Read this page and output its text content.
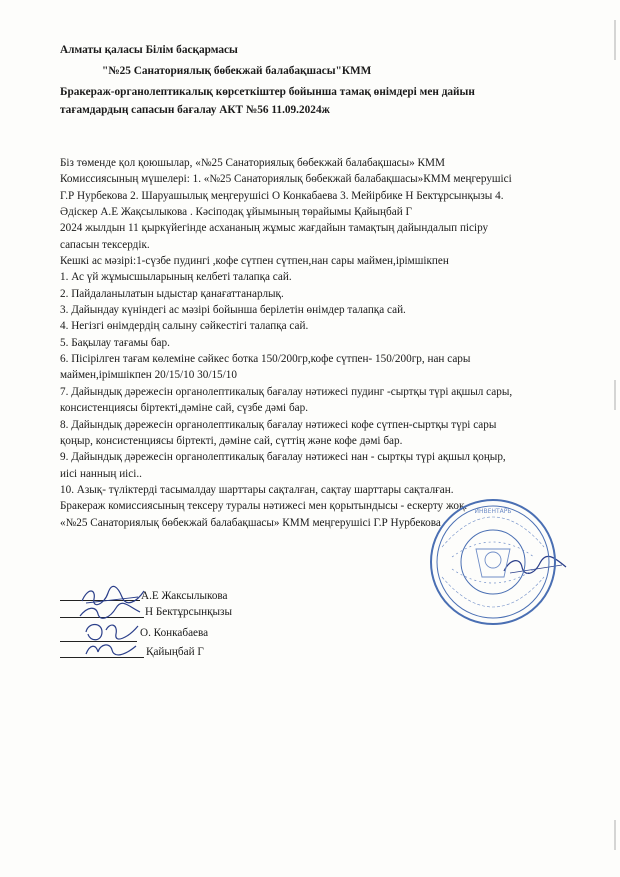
Алматы қаласы Білім басқармасы
"№25 Санаториялық бөбекжай балабақшасы"КММ
Бракераж-органолептикалық көрсеткіштер бойынша тамақ өнімдері мен дайын
тағамдардың сапасын бағалау АКТ №56 11.09.2024ж
Біз төменде қол қоюшылар, «№25 Санаториялық бөбекжай балабақшасы» КММ
Комиссиясының мүшелері: 1. «№25 Санаториялық бөбекжай балабақшасы»КММ меңгерушісі
Г.Р Нурбекова 2. Шаруашылық меңгерушісі О Конкабаева 3. Мейірбике Н Бектұрсынқызы 4.
Әдіскер А.Е Жақсылыкова . Кәсіподақ ұйымының төрайымы Қайыңбай Г
2024 жылдын 11 қыркүйегінде асхананың жұмыс жағдайын тамақтың дайындалып пісіру
сапасын тексердік.
Кешкі ас мәзірі:1-сүзбе пудингі ,кофе сүтпен сүтпен,нан сары маймен,ірімшікпен
1. Ас үй жұмысшыларының келбеті талапқа сай.
2. Пайдаланылатын ыдыстар қанағаттанарлық.
3. Дайындау күніндегі ас мәзірі бойынша берілетін өнімдер талапқа сай.
4. Негізгі өнімдердің салыну сәйкестігі талапқа сай.
5. Бақылау тағамы бар.
6. Пісірілген тағам көлеміне сәйкес ботка 150/200гр,кофе сүтпен- 150/200гр, нан сары
маймен,ірімшікпен 20/15/10 30/15/10
7. Дайындық дәрежесін органолептикалық бағалау нәтижесі пудинг -сыртқы түрі ақшыл сары,
консистенциясы біртекті,дәміне сай, сүзбе дәмі бар.
8. Дайындық дәрежесін органолептикалық бағалау нәтижесі кофе сүтпен-сыртқы түрі сары
қоңыр, консистенциясы біртекті, дәміне сай, сүттің және кофе дәмі бар.
9. Дайындық дәрежесін органолептикалық бағалау нәтижесі нан - сыртқы түрі ақшыл қоңыр,
иісі нанның иісі..
10. Азық- түліктерді тасымалдау шарттары сақталған, сақтау шарттары сақталған.
Бракераж комиссиясының тексеру туралы нәтижесі мен қорытындысы - ескерту жоқ.
«№25 Санаториялық бөбекжай балабақшасы» КММ меңгерушісі Г.Р Нурбекова
А.Е Жаксылыкова
Н Бектұрсынқызы
О. Конкабаева
Қайыңбай Г
ИНВЕНТАРЬ
